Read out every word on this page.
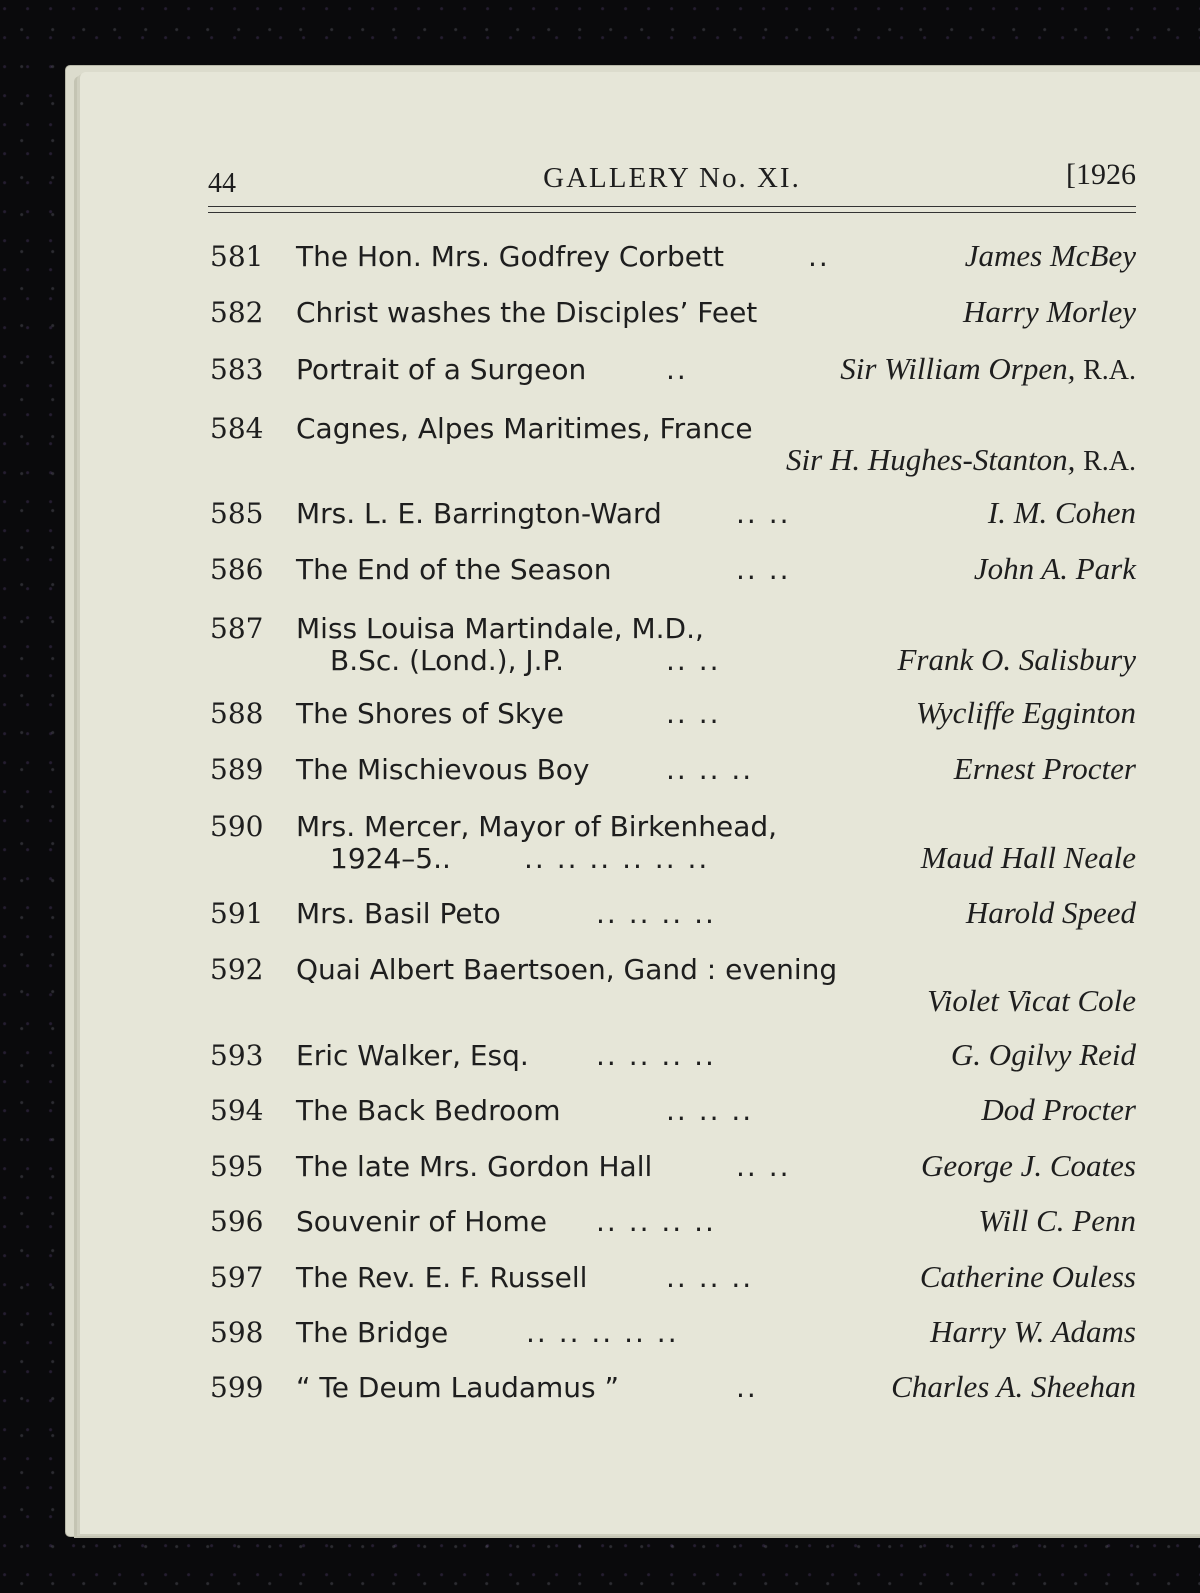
44	GALLERY No. XI.	[1926
581 The Hon. Mrs. Godfrey Corbett	..	James McBey
582 Christ washes the Disciples’ Feet	Harry Morley
583 Portrait of a Surgeon	..	Sir William Orpen, R.A.
584 Cagnes, Alpes Maritimes, France
Sir H. Hughes-Stanton, R.A.
585 Mrs. L. E. Barrington-Ward	.. ..	I. M. Cohen
586 The End of the Season	.. ..	John A. Park
587 Miss Louisa Martindale, M.D.,
B.Sc. (Lond.), J.P.	.. ..	Frank O. Salisbury
588 The Shores of Skye	.. ..	Wycliffe Egginton
589 The Mischievous Boy	.. .. ..	Ernest Procter
590 Mrs. Mercer, Mayor of Birkenhead,
1924–5..	.. .. .. .. .. ..	Maud Hall Neale
591 Mrs. Basil Peto	.. .. .. ..	Harold Speed
592 Quai Albert Baertsoen, Gand : evening
Violet Vicat Cole
593 Eric Walker, Esq. .. .. .. ..	G. Ogilvy Reid
594 The Back Bedroom	.. .. ..	Dod Procter
595 The late Mrs. Gordon Hall	.. ..	George J. Coates
596 Souvenir of Home .. .. .. ..	Will C. Penn
597 The Rev. E. F. Russell	.. .. ..	Catherine Ouless
598 The Bridge	.. .. .. .. ..	Harry W. Adams
599 “ Te Deum Laudamus ”	..	Charles A. Sheehan
